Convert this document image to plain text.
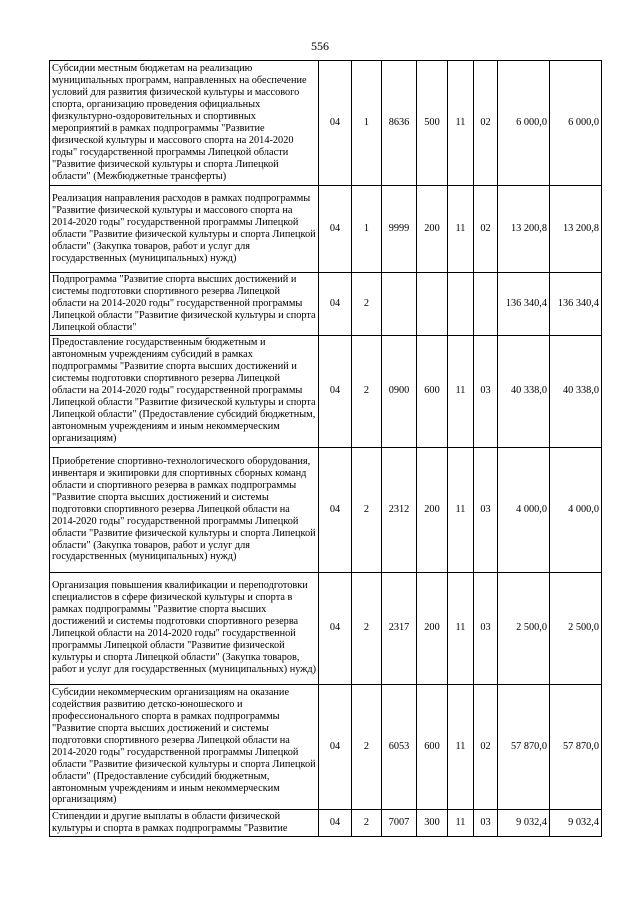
556
Субсидии местным бюджетам на реализацию муниципальных программ, направленных на обеспечение условий для развития физической культуры и массового спорта, организацию проведения официальных физкультурно-оздоровительных и спортивных мероприятий в рамках подпрограммы "Развитие физической культуры и массового спорта на 2014-2020 годы" государственной программы Липецкой области "Развитие физической культуры и спорта Липецкой области" (Межбюджетные трансферты)	04	1	8636	500	11	02	6 000,0	6 000,0
Реализация направления расходов в рамках подпрограммы "Развитие физической культуры и массового спорта на 2014-2020 годы" государственной программы Липецкой области "Развитие физической культуры и спорта Липецкой области" (Закупка товаров, работ и услуг для государственных (муниципальных) нужд)	04	1	9999	200	11	02	13 200,8	13 200,8
Подпрограмма "Развитие спорта высших достижений и системы подготовки спортивного резерва Липецкой области на 2014-2020 годы" государственной программы Липецкой области "Развитие физической культуры и спорта Липецкой области"	04	2					136 340,4	136 340,4
Предоставление государственным бюджетным и автономным учреждениям субсидий в рамках подпрограммы "Развитие спорта высших достижений и системы подготовки спортивного резерва Липецкой области на 2014-2020 годы" государственной программы Липецкой области "Развитие физической культуры и спорта Липецкой области" (Предоставление субсидий бюджетным, автономным учреждениям и иным некоммерческим организациям)	04	2	0900	600	11	03	40 338,0	40 338,0
Приобретение спортивно-технологического оборудования, инвентаря и экипировки для спортивных сборных команд области и спортивного резерва в рамках подпрограммы "Развитие спорта высших достижений и системы подготовки спортивного резерва Липецкой области на 2014-2020 годы" государственной программы Липецкой области "Развитие физической культуры и спорта Липецкой области" (Закупка товаров, работ и услуг для государственных (муниципальных) нужд)	04	2	2312	200	11	03	4 000,0	4 000,0
Организация повышения квалификации и переподготовки специалистов в сфере физической культуры и спорта в рамках подпрограммы "Развитие спорта высших достижений и системы подготовки спортивного резерва Липецкой области на 2014-2020 годы" государственной программы Липецкой области "Развитие физической культуры и спорта Липецкой области" (Закупка товаров, работ и услуг для государственных (муниципальных) нужд)	04	2	2317	200	11	03	2 500,0	2 500,0
Субсидии некоммерческим организациям на оказание содействия развитию детско-юношеского и профессионального спорта в рамках подпрограммы "Развитие спорта высших достижений и системы подготовки спортивного резерва Липецкой области на 2014-2020 годы" государственной программы Липецкой области "Развитие физической культуры и спорта Липецкой области" (Предоставление субсидий бюджетным, автономным учреждениям и иным некоммерческим организациям)	04	2	6053	600	11	02	57 870,0	57 870,0
Стипендии и другие выплаты в области физической культуры и спорта в рамках подпрограммы "Развитие	04	2	7007	300	11	03	9 032,4	9 032,4
